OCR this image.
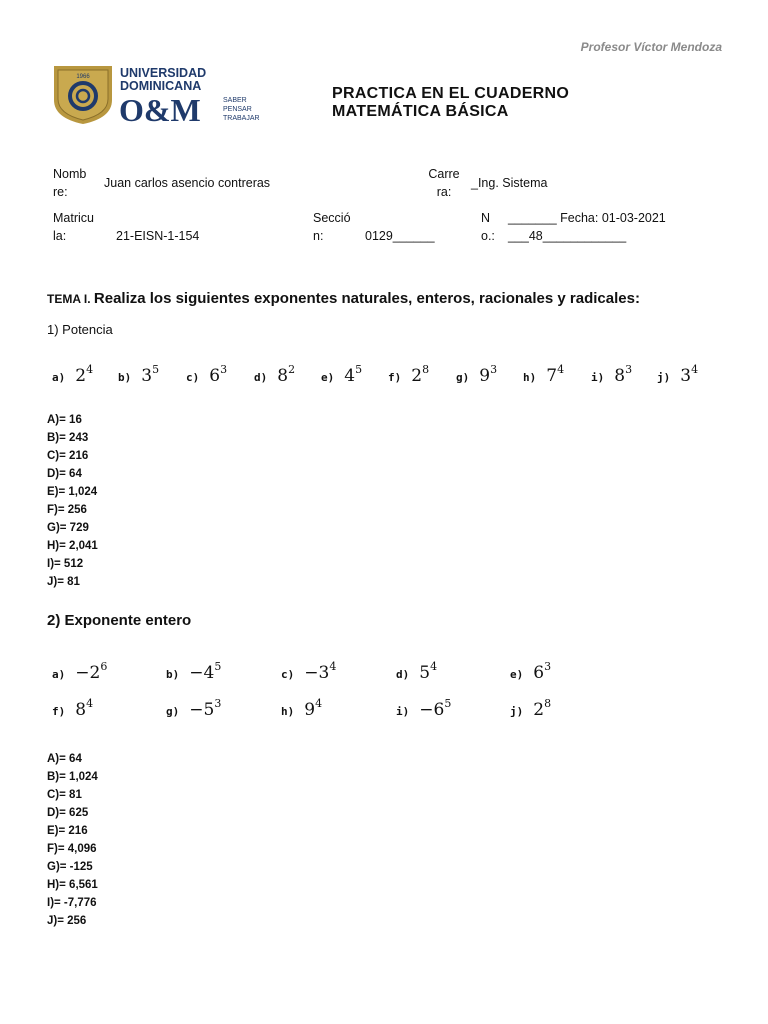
Profesor Víctor Mendoza
1966 UNIVERSIDAD
DOMINICANA
O&M	SABER
PENSAR
TRABAJAR
PRACTICA EN EL CUADERNO
MATEMÁTICA BÁSICA
Nomb
re:
Juan carlos asencio contreras
Carre
ra:
_Ing. Sistema
Matricu
la:	21-EISN-1-154
Secció
n:	0129______
N
o.:
_______ Fecha: 01-03-2021
___48____________
TEMA I. Realiza los siguientes exponentes naturales, enteros, racionales y radicales:
1) Potencia
a) 2 4
b) 3 5
c) 6 3
d) 8 2
e) 4 5
f) 2 8
g) 9 3
h) 7 4
i) 8 3
j) 3 4
A)= 16
B)= 243
C)= 216
D)= 64
E)= 1,024
F)= 256
G)= 729
H)= 2,041
I)= 512
J)= 81
2) Exponente entero
a) −2 6
b) −4 5
c) −3 4
d) 5 4
e) 6 3
f) 8 4
g) −5 3
h) 9 4
i) −6 5
j) 2 8
A)= 64
B)= 1,024
C)= 81
D)= 625
E)= 216
F)= 4,096
G)= -125
H)= 6,561
I)= -7,776
J)= 256
